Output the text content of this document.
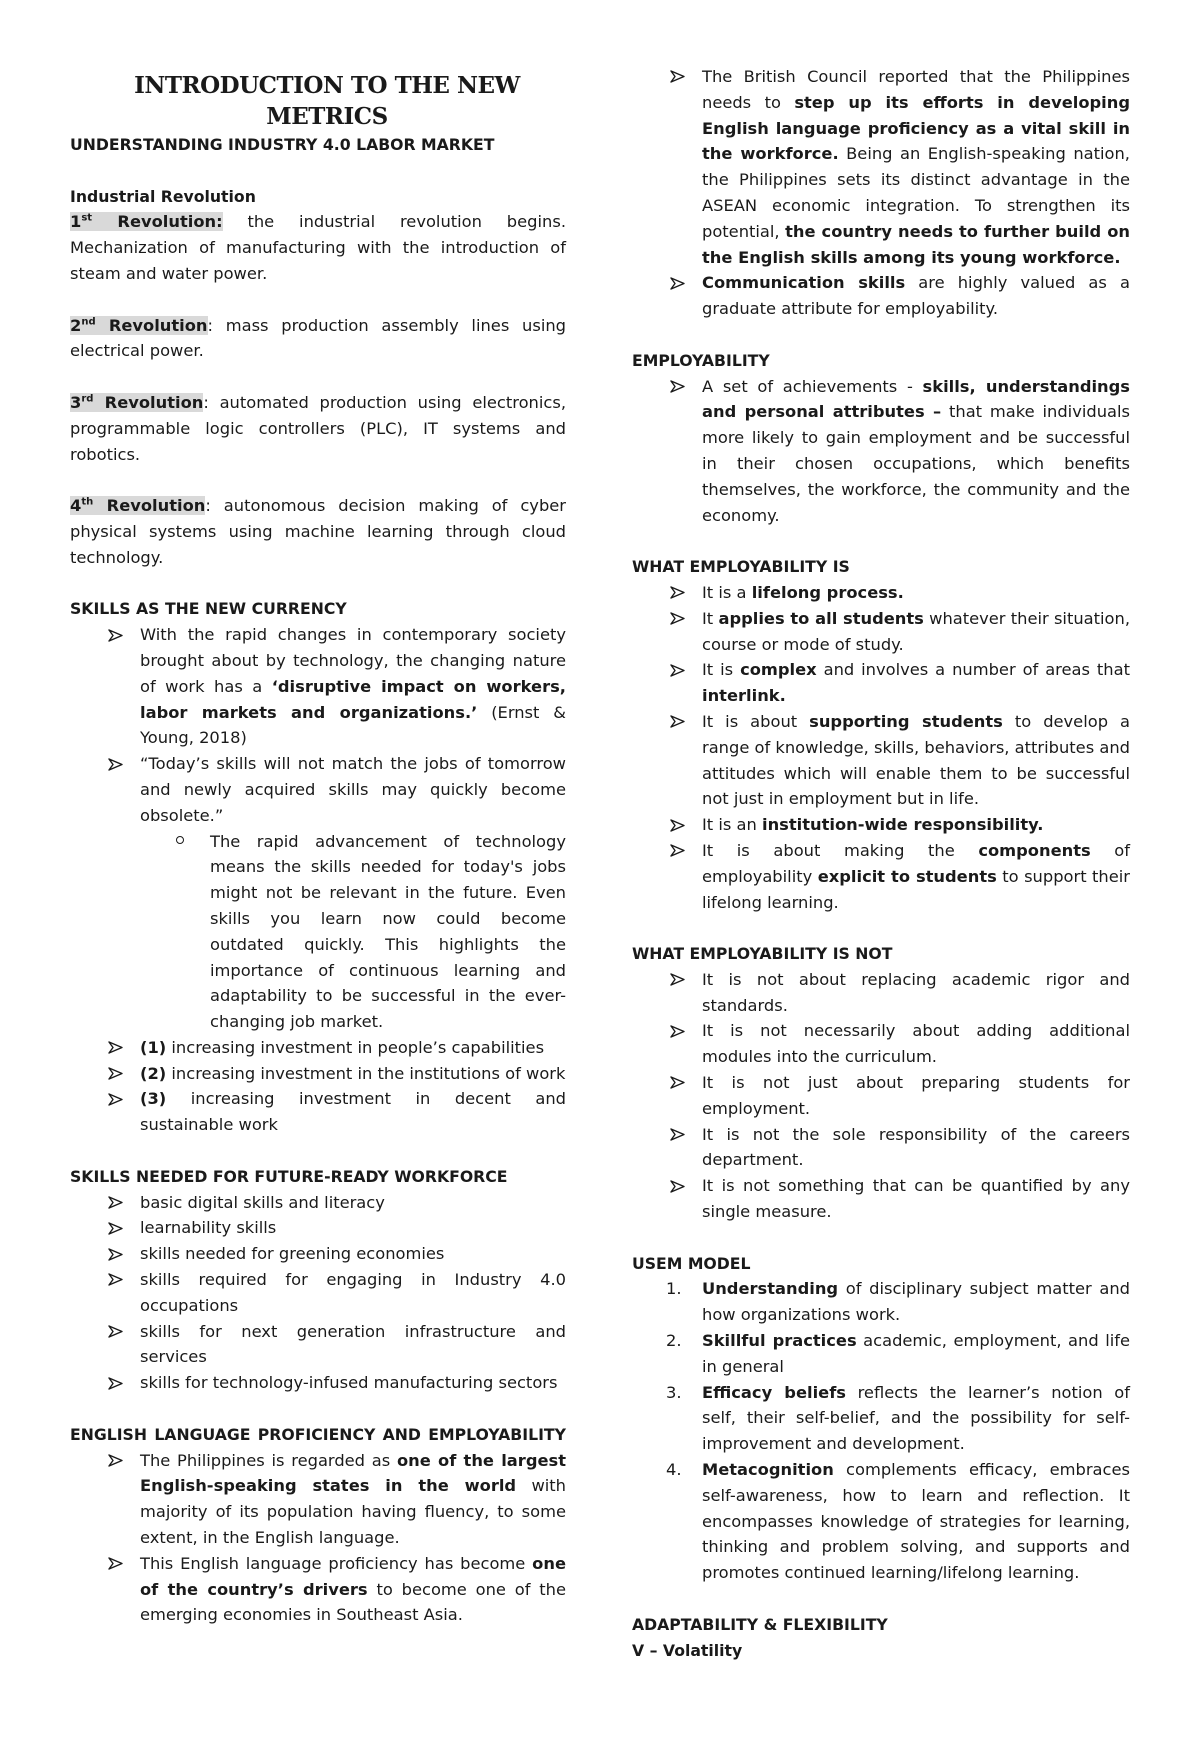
INTRODUCTION TO THE NEW
METRICS

UNDERSTANDING INDUSTRY 4.0 LABOR MARKET

Industrial Revolution

1st Revolution: the industrial revolution begins. Mechanization of manufacturing with the introduction of steam and water power.

2nd Revolution: mass production assembly lines using electrical power.

3rd Revolution: automated production using electronics, programmable logic controllers (PLC), IT systems and robotics.

4th Revolution: autonomous decision making of cyber physical systems using machine learning through cloud technology.

SKILLS AS THE NEW CURRENCY

With the rapid changes in contemporary society brought about by technology, the changing nature of work has a ‘disruptive impact on workers, labor markets and organizations.’ (Ernst & Young, 2018)
“Today’s skills will not match the jobs of tomorrow and newly acquired skills may quickly become obsolete.”
The rapid advancement of technology means the skills needed for today's jobs might not be relevant in the future. Even skills you learn now could become outdated quickly. This highlights the importance of continuous learning and adaptability to be successful in the ever-changing job market.
(1) increasing investment in people’s capabilities
(2) increasing investment in the institutions of work
(3) increasing investment in decent and sustainable work

SKILLS NEEDED FOR FUTURE-READY WORKFORCE

basic digital skills and literacy
learnability skills
skills needed for greening economies
skills required for engaging in Industry 4.0 occupations
skills for next generation infrastructure and services
skills for technology-infused manufacturing sectors

ENGLISH LANGUAGE PROFICIENCY AND EMPLOYABILITY

The Philippines is regarded as one of the largest English-speaking states in the world with majority of its population having fluency, to some extent, in the English language.
This English language proficiency has become one of the country’s drivers to become one of the emerging economies in Southeast Asia.
The British Council reported that the Philippines needs to step up its efforts in developing English language proficiency as a vital skill in the workforce. Being an English-speaking nation, the Philippines sets its distinct advantage in the ASEAN economic integration. To strengthen its potential, the country needs to further build on the English skills among its young workforce.
Communication skills are highly valued as a graduate attribute for employability.

EMPLOYABILITY

A set of achievements - skills, understandings and personal attributes – that make individuals more likely to gain employment and be successful in their chosen occupations, which benefits themselves, the workforce, the community and the economy.

WHAT EMPLOYABILITY IS

It is a lifelong process.
It applies to all students whatever their situation, course or mode of study.
It is complex and involves a number of areas that interlink.
It is about supporting students to develop a range of knowledge, skills, behaviors, attributes and attitudes which will enable them to be successful not just in employment but in life.
It is an institution-wide responsibility.
It is about making the components of employability explicit to students to support their lifelong learning.

WHAT EMPLOYABILITY IS NOT

It is not about replacing academic rigor and standards.
It is not necessarily about adding additional modules into the curriculum.
It is not just about preparing students for employment.
It is not the sole responsibility of the careers department.
It is not something that can be quantified by any single measure.

USEM MODEL

1. Understanding of disciplinary subject matter and how organizations work.
2. Skillful practices academic, employment, and life in general
3. Efficacy beliefs reflects the learner’s notion of self, their self-belief, and the possibility for self-improvement and development.
4. Metacognition complements efficacy, embraces self-awareness, how to learn and reflection. It encompasses knowledge of strategies for learning, thinking and problem solving, and supports and promotes continued learning/lifelong learning.

ADAPTABILITY & FLEXIBILITY

V – Volatility
